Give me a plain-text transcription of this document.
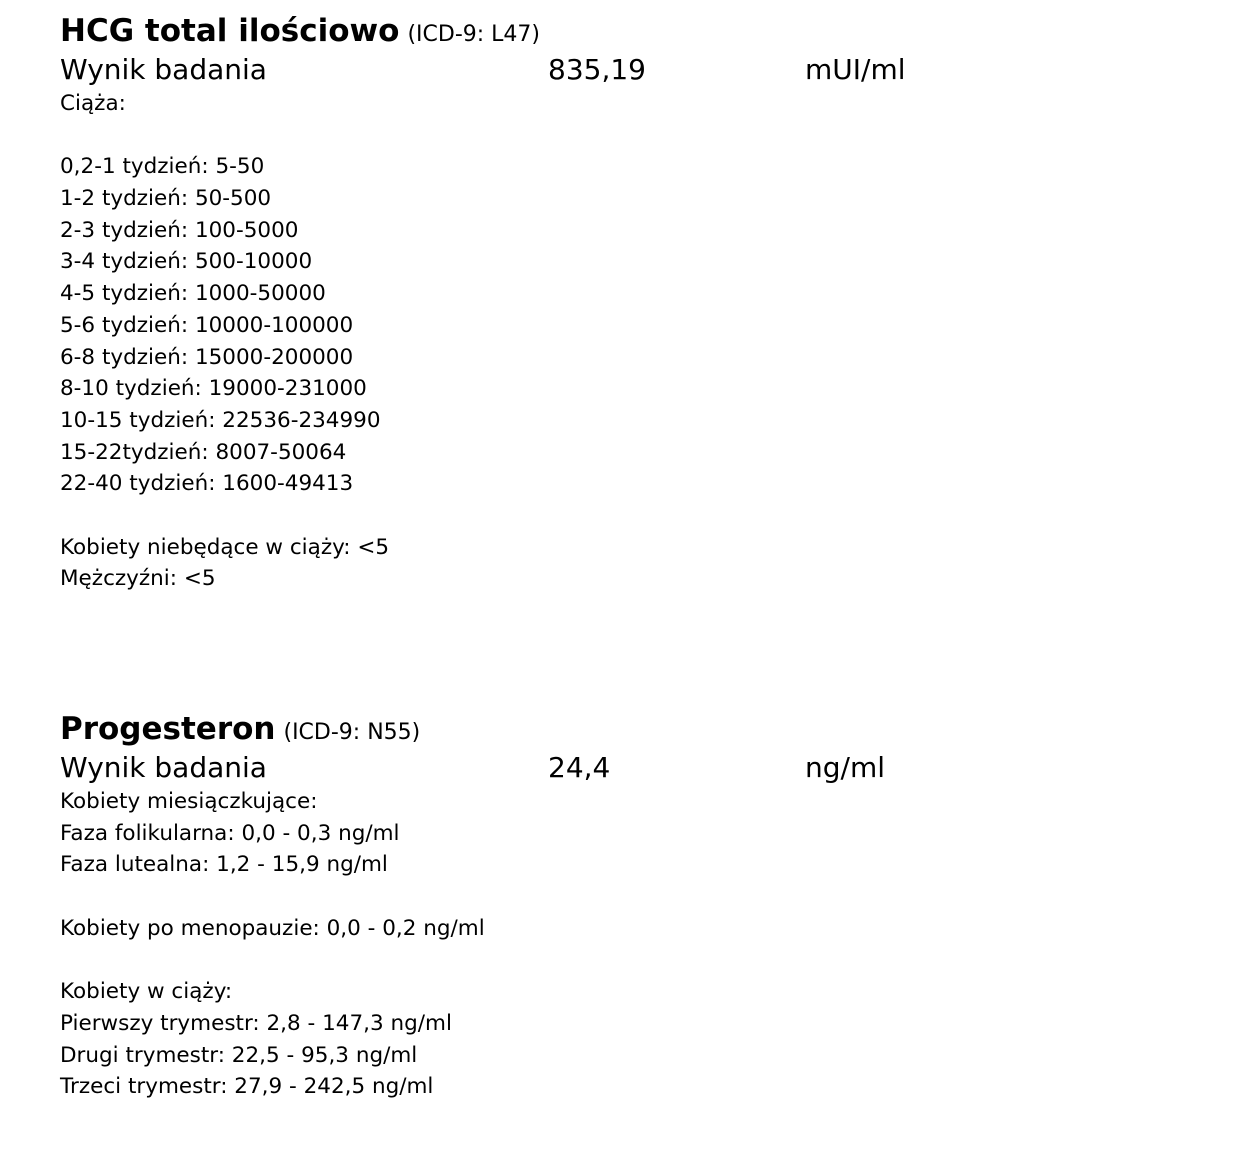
HCG total ilościowo (ICD-9: L47)
Wynik badania	835,19	mUI/ml
Ciąża:
0,2-1 tydzień: 5-50
1-2 tydzień: 50-500
2-3 tydzień: 100-5000
3-4 tydzień: 500-10000
4-5 tydzień: 1000-50000
5-6 tydzień: 10000-100000
6-8 tydzień: 15000-200000
8-10 tydzień: 19000-231000
10-15 tydzień: 22536-234990
15-22tydzień: 8007-50064
22-40 tydzień: 1600-49413
Kobiety niebędące w ciąży: <5
Mężczyźni: <5
Progesteron (ICD-9: N55)
Wynik badania	24,4	ng/ml
Kobiety miesiączkujące:
Faza folikularna: 0,0 - 0,3 ng/ml
Faza lutealna: 1,2 - 15,9 ng/ml
Kobiety po menopauzie: 0,0 - 0,2 ng/ml
Kobiety w ciąży:
Pierwszy trymestr: 2,8 - 147,3 ng/ml
Drugi trymestr: 22,5 - 95,3 ng/ml
Trzeci trymestr: 27,9 - 242,5 ng/ml
